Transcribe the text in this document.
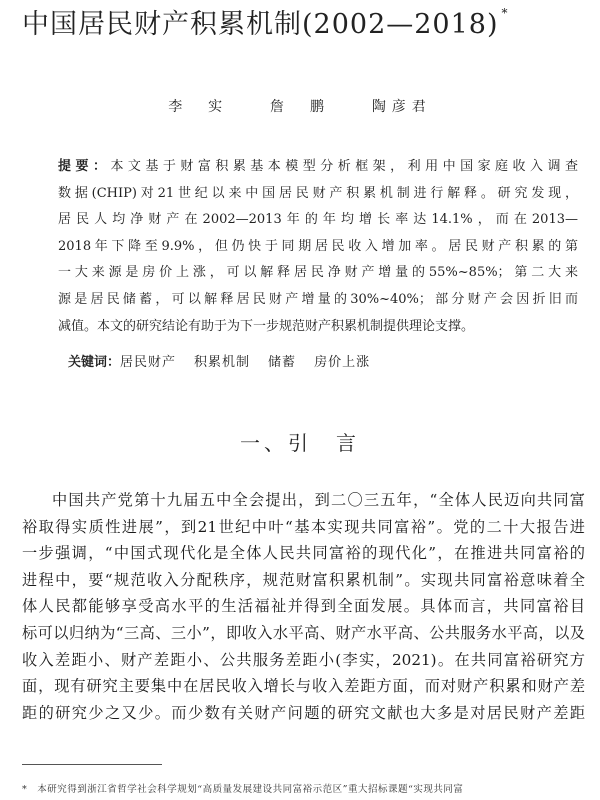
中国居民财产积累机制(2002—2018) *
李　实	詹　鹏	陶彦君
提要：本文基于财富积累基本模型分析框架，利用中国家庭收入调查
数据(CHIP)对21世纪以来中国居民财产积累机制进行解释。研究发现，
居民人均净财产在2002—2013年的年均增长率达14.1%，而在2013—
2018年下降至9.9%，但仍快于同期居民收入增加率。居民财产积累的第
一大来源是房价上涨，可以解释居民净财产增量的55%~85%；第二大来
源是居民储蓄，可以解释居民财产增量的30%~40%；部分财产会因折旧而
减值。本文的研究结论有助于为下一步规范财产积累机制提供理论支撑。
关键词：居民财产 积累机制 储蓄 房价上涨
一、引　言
中国共产党第十九届五中全会提出，到二〇三五年，“全体人民迈向共同富
裕取得实质性进展”，到21世纪中叶“基本实现共同富裕”。党的二十大报告进
一步强调，“中国式现代化是全体人民共同富裕的现代化”，在推进共同富裕的
进程中，要“规范收入分配秩序，规范财富积累机制”。实现共同富裕意味着全
体人民都能够享受高水平的生活福祉并得到全面发展。具体而言，共同富裕目
标可以归纳为“三高、三小”，即收入水平高、财产水平高、公共服务水平高，以及
收入差距小、财产差距小、公共服务差距小(李实，2021)。在共同富裕研究方
面，现有研究主要集中在居民收入增长与收入差距方面，而对财产积累和财产差
距的研究少之又少。而少数有关财产问题的研究文献也大多是对居民财产差距
*　本研究得到浙江省哲学社会科学规划“高质量发展建设共同富裕示范区”重大招标课题“实现共同富
